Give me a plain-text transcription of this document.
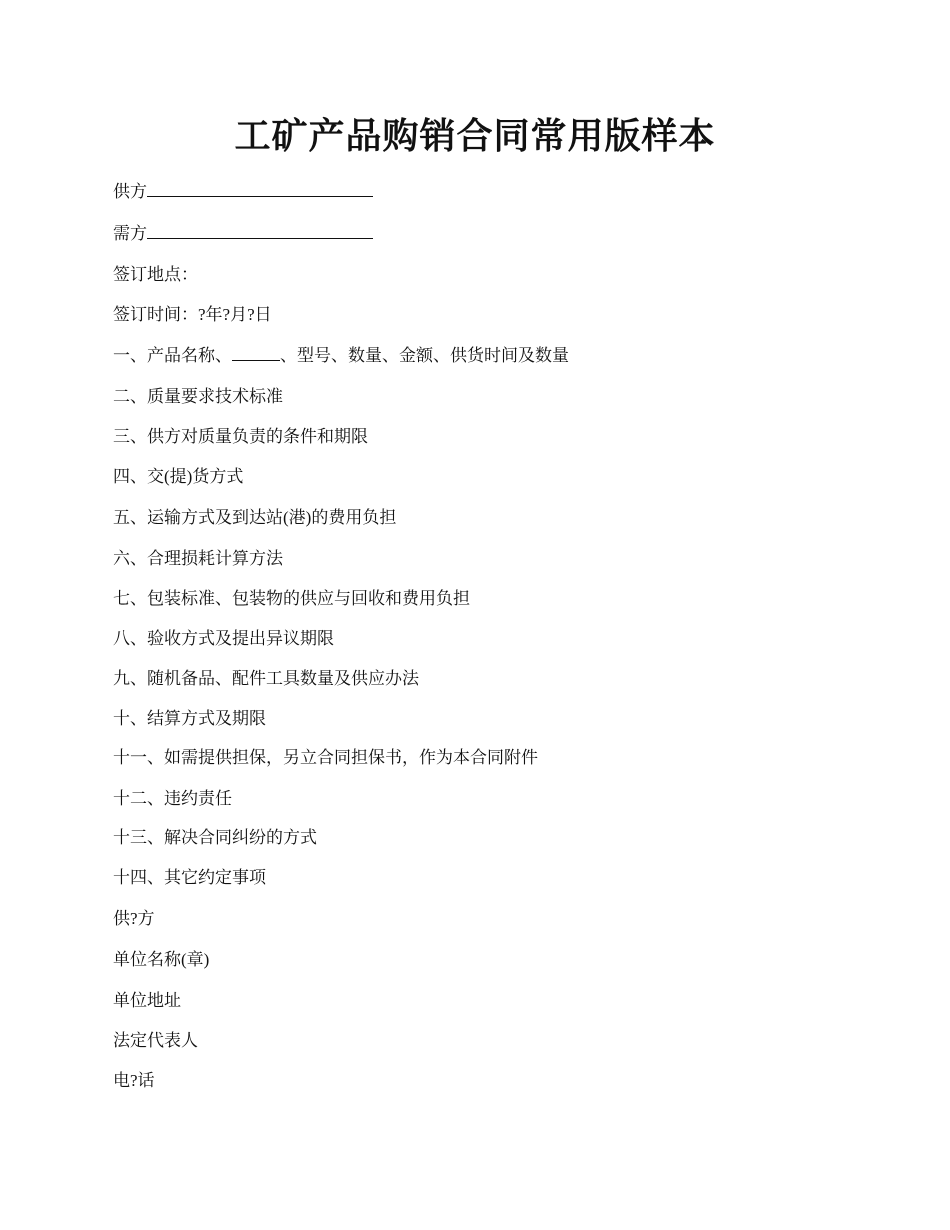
工矿产品购销合同常用版样本
供方
需方
签订地点：
签订时间：?年?月?日
一、产品名称、	、型号、数量、金额、供货时间及数量
二、质量要求技术标准
三、供方对质量负责的条件和期限
四、交(提)货方式
五、运输方式及到达站(港)的费用负担
六、合理损耗计算方法
七、包装标准、包装物的供应与回收和费用负担
八、验收方式及提出异议期限
九、随机备品、配件工具数量及供应办法
十、结算方式及期限
十一、如需提供担保，另立合同担保书，作为本合同附件
十二、违约责任
十三、解决合同纠纷的方式
十四、其它约定事项
供?方
单位名称(章)
单位地址
法定代表人
电?话
